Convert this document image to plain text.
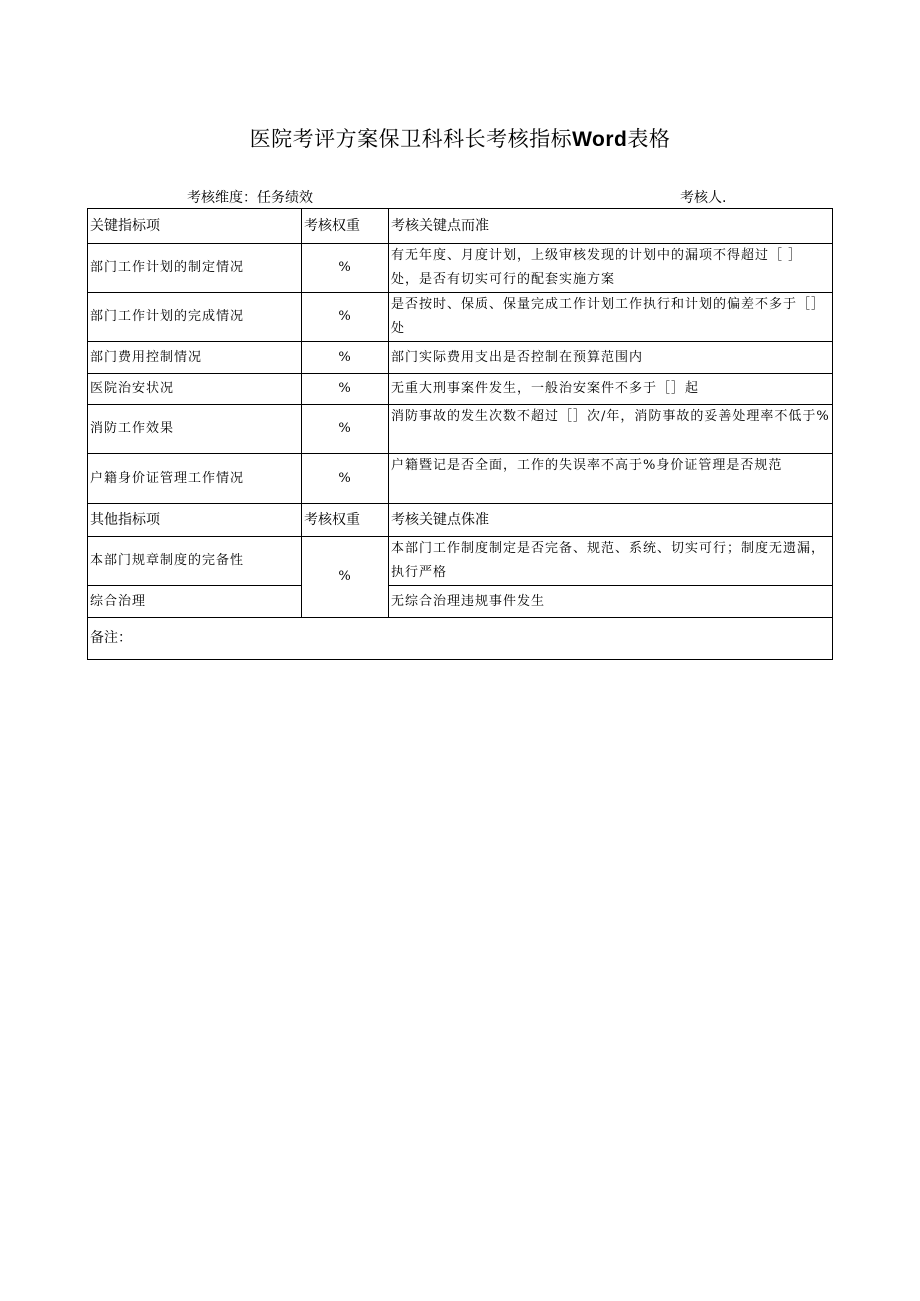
医院考评方案保卫科科长考核指标Word表格
考核维度：任务绩效	考核人.
关键指标项	考核权重	考核关键点而准
部门工作计划的制定情况	%	有无年度、月度计划，上级审核发现的计划中的漏项不得超过［ ］处，是否有切实可行的配套实施方案
部门工作计划的完成情况	%	是否按时、保质、保量完成工作计划工作执行和计划的偏差不多于［］处
部门费用控制情况	%	部门实际费用支出是否控制在预算范围内
医院治安状况	%	无重大刑事案件发生，一般治安案件不多于［］起
消防工作效果	%	消防事故的发生次数不超过［］次/年，消防事故的妥善处理率不低于%
户籍身价证管理工作情况	%	户籍暨记是否全面，工作的失误率不高于%身价证管理是否规范
其他指标项	考核权重	考核关键点侏准
本部门规章制度的完备性	%	本部门工作制度制定是否完备、规范、系统、切实可行；制度无遗漏，执行严格
综合治理		无综合治理违规事件发生
备注：		
